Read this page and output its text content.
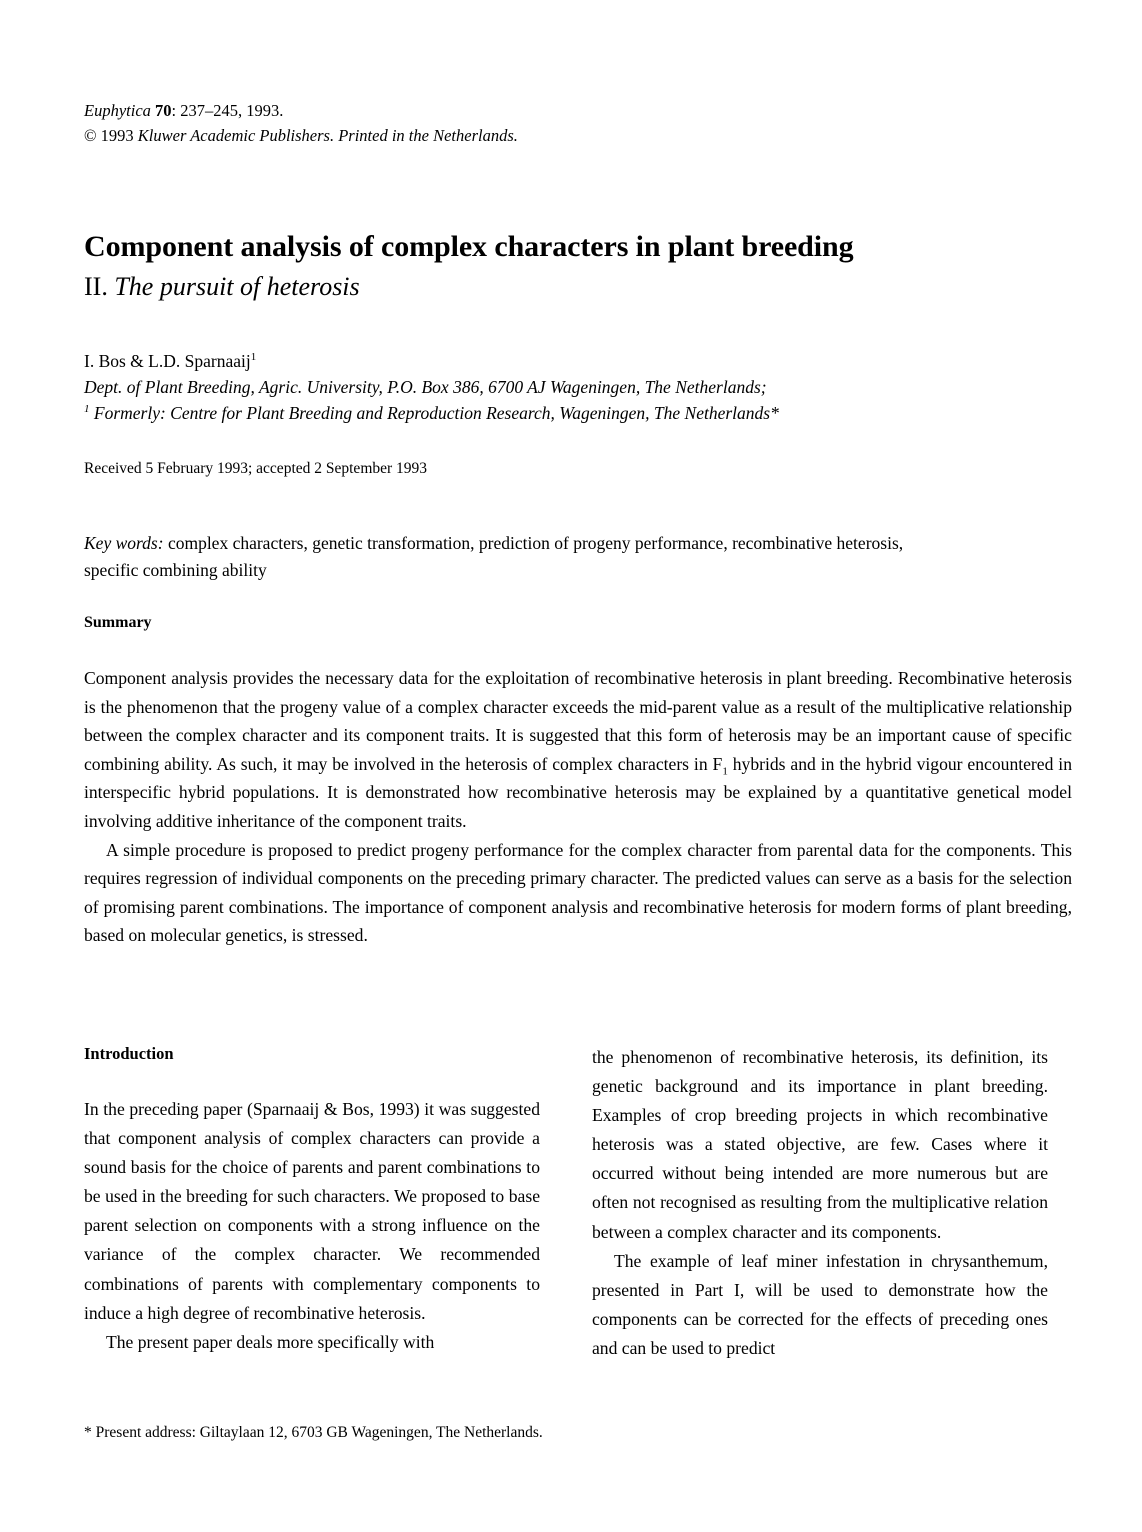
Euphytica 70: 237–245, 1993.
© 1993 Kluwer Academic Publishers. Printed in the Netherlands.
Component analysis of complex characters in plant breeding
II. The pursuit of heterosis
I. Bos & L.D. Sparnaaij$^1$
Dept. of Plant Breeding, Agric. University, P.O. Box 386, 6700 AJ Wageningen, The Netherlands;
$^1$ Formerly: Centre for Plant Breeding and Reproduction Research, Wageningen, The Netherlands*
Received 5 February 1993; accepted 2 September 1993
Key words: complex characters, genetic transformation, prediction of progeny performance, recombinative heterosis, specific combining ability
Summary

Component analysis provides the necessary data for the exploitation of recombinative heterosis in plant breeding. Recombinative heterosis is the phenomenon that the progeny value of a complex character exceeds the mid-parent value as a result of the multiplicative relationship between the complex character and its component traits. It is suggested that this form of heterosis may be an important cause of specific combining ability. As such, it may be involved in the heterosis of complex characters in $F_1$ hybrids and in the hybrid vigour encountered in interspecific hybrid populations. It is demonstrated how recombinative heterosis may be explained by a quantitative genetical model involving additive inheritance of the component traits.

A simple procedure is proposed to predict progeny performance for the complex character from parental data for the components. This requires regression of individual components on the preceding primary character. The predicted values can serve as a basis for the selection of promising parent combinations. The importance of component analysis and recombinative heterosis for modern forms of plant breeding, based on molecular genetics, is stressed.

Introduction

In the preceding paper (Sparnaaij & Bos, 1993) it was suggested that component analysis of complex characters can provide a sound basis for the choice of parents and parent combinations to be used in the breeding for such characters. We proposed to base parent selection on components with a strong influence on the variance of the complex character. We recommended combinations of parents with complementary components to induce a high degree of recombinative heterosis.

The present paper deals more specifically with

the phenomenon of recombinative heterosis, its definition, its genetic background and its importance in plant breeding. Examples of crop breeding projects in which recombinative heterosis was a stated objective, are few. Cases where it occurred without being intended are more numerous but are often not recognised as resulting from the multiplicative relation between a complex character and its components.

The example of leaf miner infestation in chrysanthemum, presented in Part I, will be used to demonstrate how the components can be corrected for the effects of preceding ones and can be used to predict

* Present address: Giltaylaan 12, 6703 GB Wageningen, The Netherlands.
